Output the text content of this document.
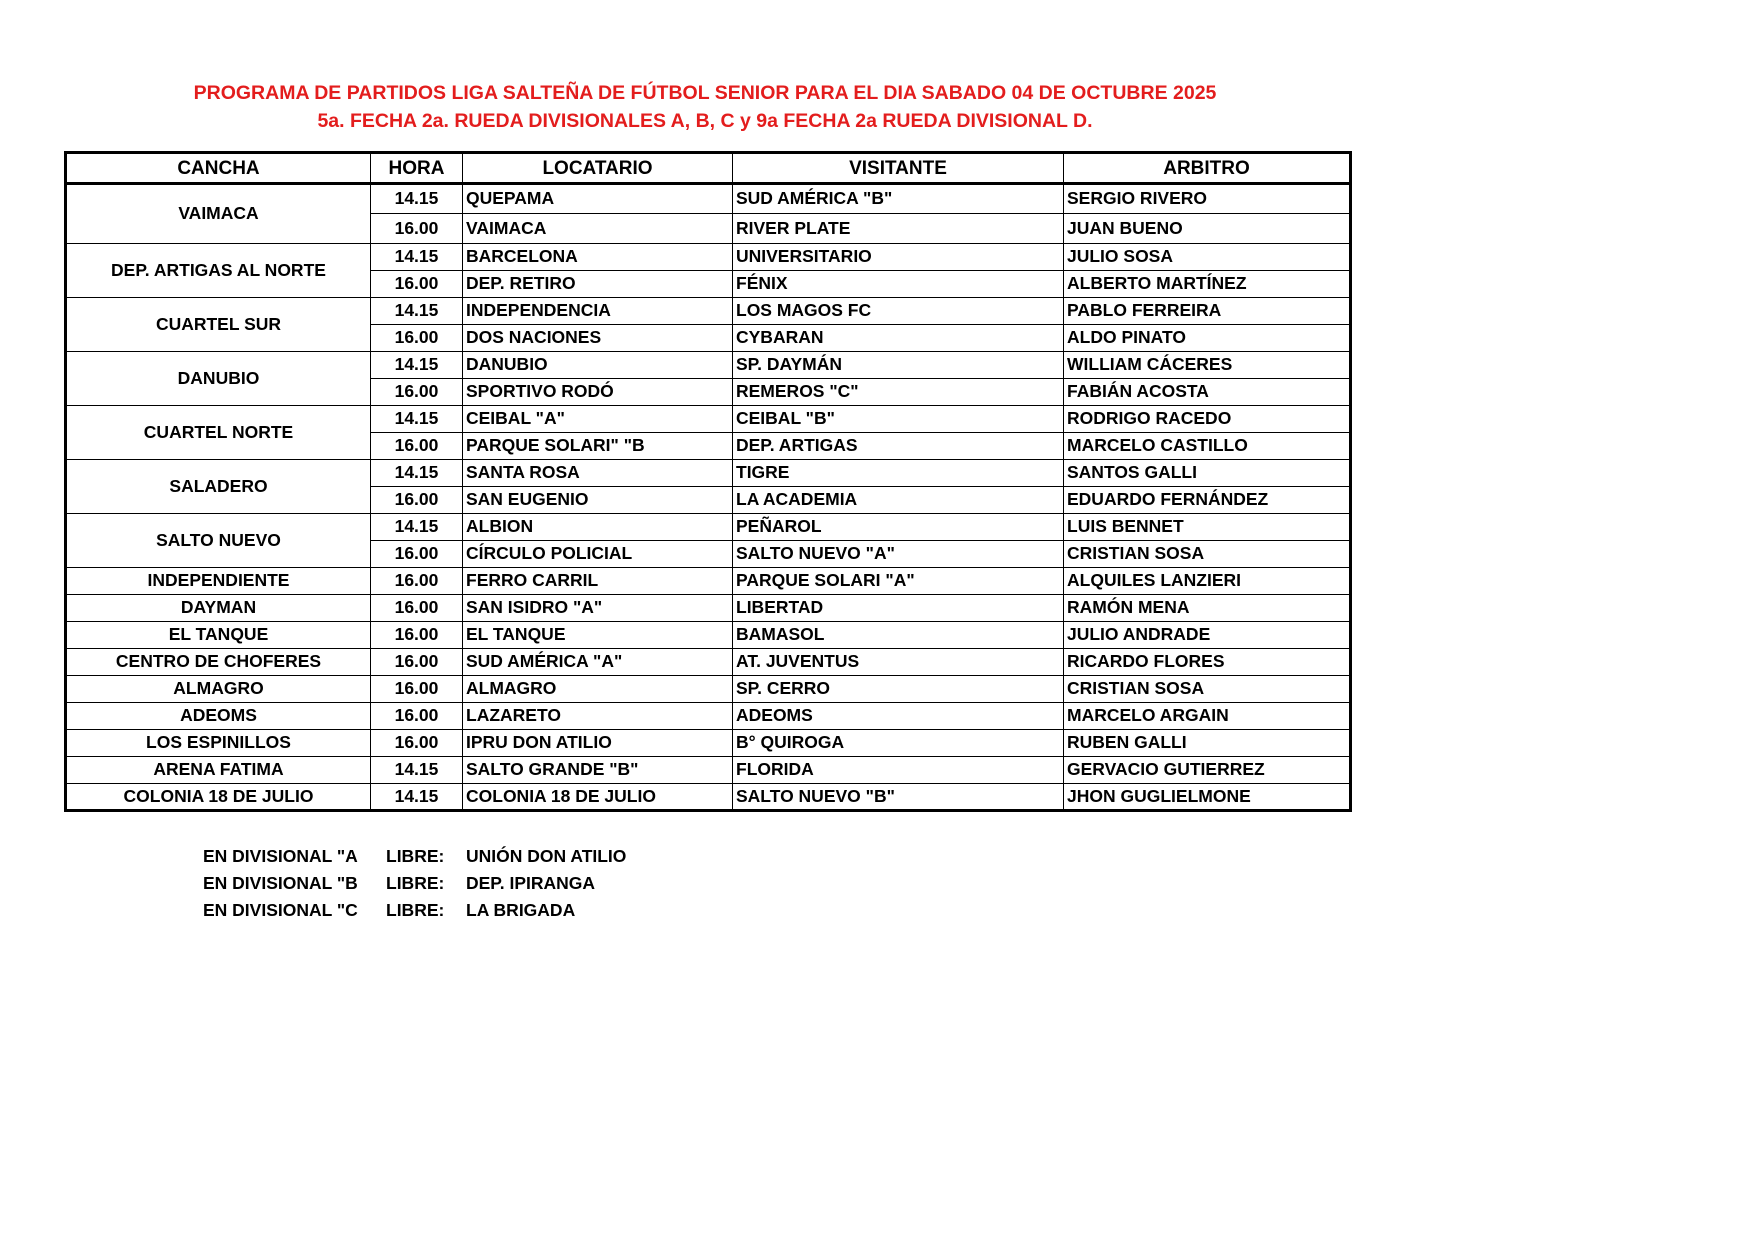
PROGRAMA DE PARTIDOS LIGA SALTEÑA DE FÚTBOL SENIOR PARA EL DIA SABADO 04 DE OCTUBRE 2025
5a. FECHA 2a. RUEDA DIVISIONALES A, B, C y 9a FECHA 2a RUEDA DIVISIONAL D.
CANCHA	HORA	LOCATARIO	VISITANTE	ARBITRO
VAIMACA	14.15	QUEPAMA	SUD AMÉRICA "B"	SERGIO RIVERO
	16.00	VAIMACA	RIVER PLATE	JUAN BUENO
DEP. ARTIGAS AL NORTE	14.15	BARCELONA	UNIVERSITARIO	JULIO SOSA
	16.00	DEP. RETIRO	FÉNIX	ALBERTO MARTÍNEZ
CUARTEL SUR	14.15	INDEPENDENCIA	LOS MAGOS FC	PABLO FERREIRA
	16.00	DOS NACIONES	CYBARAN	ALDO PINATO
DANUBIO	14.15	DANUBIO	SP. DAYMÁN	WILLIAM CÁCERES
	16.00	SPORTIVO RODÓ	REMEROS "C"	FABIÁN ACOSTA
CUARTEL NORTE	14.15	CEIBAL "A"	CEIBAL "B"	RODRIGO RACEDO
	16.00	PARQUE SOLARI" "B	DEP. ARTIGAS	MARCELO CASTILLO
SALADERO	14.15	SANTA ROSA	TIGRE	SANTOS GALLI
	16.00	SAN EUGENIO	LA ACADEMIA	EDUARDO FERNÁNDEZ
SALTO NUEVO	14.15	ALBION	PEÑAROL	LUIS BENNET
	16.00	CÍRCULO POLICIAL	SALTO NUEVO "A"	CRISTIAN SOSA
INDEPENDIENTE	16.00	FERRO CARRIL	PARQUE SOLARI "A"	ALQUILES LANZIERI
DAYMAN	16.00	SAN ISIDRO "A"	LIBERTAD	RAMÓN MENA
EL TANQUE	16.00	EL TANQUE	BAMASOL	JULIO ANDRADE
CENTRO DE CHOFERES	16.00	SUD AMÉRICA "A"	AT. JUVENTUS	RICARDO FLORES
ALMAGRO	16.00	ALMAGRO	SP. CERRO	CRISTIAN SOSA
ADEOMS	16.00	LAZARETO	ADEOMS	MARCELO ARGAIN
LOS ESPINILLOS	16.00	IPRU DON ATILIO	B° QUIROGA	RUBEN GALLI
ARENA FATIMA	14.15	SALTO GRANDE "B"	FLORIDA	GERVACIO GUTIERREZ
COLONIA 18 DE JULIO	14.15	COLONIA 18 DE JULIO	SALTO NUEVO "B"	JHON GUGLIELMONE
EN DIVISIONAL "A LIBRE: UNIÓN DON ATILIO
EN DIVISIONAL "B LIBRE: DEP. IPIRANGA
EN DIVISIONAL "C LIBRE: LA BRIGADA
